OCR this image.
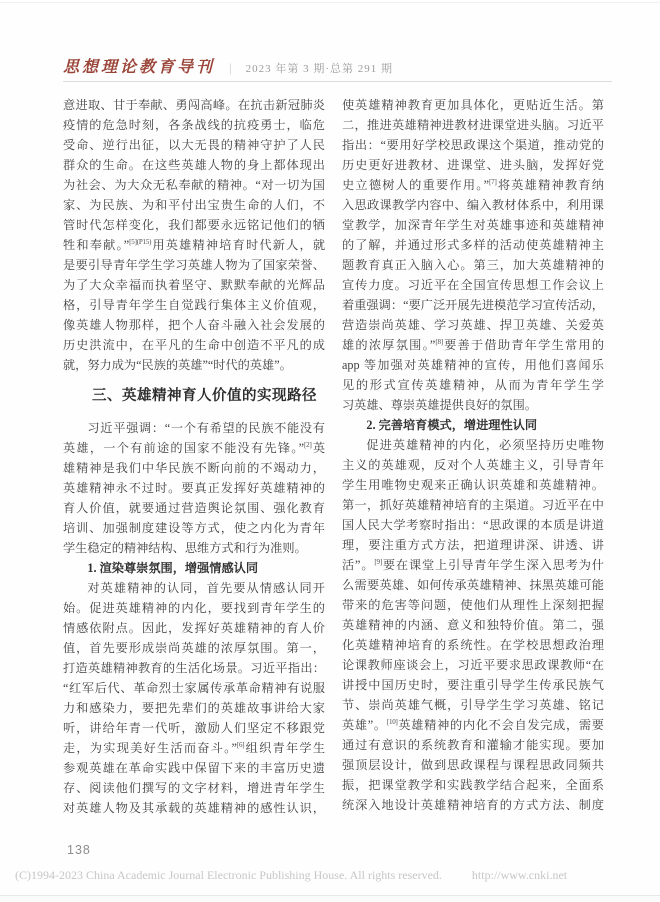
思想理论教育导刊 | 2023 年第 3 期·总第 291 期
意进取、甘于奉献、勇闯高峰。在抗击新冠肺炎
疫情的危急时刻，各条战线的抗疫勇士，临危
受命、逆行出征，以大无畏的精神守护了人民
群众的生命。在这些英雄人物的身上都体现出
为社会、为大众无私奉献的精神。“对一切为国
家、为民族、为和平付出宝贵生命的人们，不
管时代怎样变化，我们都要永远铭记他们的牺
牲和奉献。”$^{[5](P15)}$用英雄精神培育时代新人，就
是要引导青年学生学习英雄人物为了国家荣誉、
为了大众幸福而执着坚守、默默奉献的光辉品
格，引导青年学生自觉践行集体主义价值观，
像英雄人物那样，把个人奋斗融入社会发展的
历史洪流中，在平凡的生命中创造不平凡的成
就，努力成为“民族的英雄”“时代的英雄”。
三、英雄精神育人价值的实现路径
习近平强调：“一个有希望的民族不能没有
英雄，一个有前途的国家不能没有先锋。”[2]英
雄精神是我们中华民族不断向前的不竭动力，
英雄精神永不过时。要真正发挥好英雄精神的
育人价值，就要通过营造舆论氛围、强化教育
培训、加强制度建设等方式，使之内化为青年
学生稳定的精神结构、思维方式和行为准则。
1. 渲染尊崇氛围，增强情感认同
对英雄精神的认同，首先要从情感认同开
始。促进英雄精神的内化，要找到青年学生的
情感依附点。因此，发挥好英雄精神的育人价
值，首先要形成崇尚英雄的浓厚氛围。第一，
打造英雄精神教育的生活化场景。习近平指出：
“红军后代、革命烈士家属传承革命精神有说服
力和感染力，要把先辈们的英雄故事讲给大家
听，讲给年青一代听，激励人们坚定不移跟党
走，为实现美好生活而奋斗。”[6]组织青年学生
参观英雄在革命实践中保留下来的丰富历史遗
存、阅读他们撰写的文字材料，增进青年学生
对英雄人物及其承载的英雄精神的感性认识，
使英雄精神教育更加具体化，更贴近生活。第
二，推进英雄精神进教材进课堂进头脑。习近平
指出：“要用好学校思政课这个渠道，推动党的
历史更好进教材、进课堂、进头脑，发挥好党
史立德树人的重要作用。”[7]将英雄精神教育纳
入思政课教学内容中、编入教材体系中，利用课
堂教学，加深青年学生对英雄事迹和英雄精神
的了解，并通过形式多样的活动使英雄精神主
题教育真正入脑入心。第三，加大英雄精神的
宣传力度。习近平在全国宣传思想工作会议上
着重强调：“要广泛开展先进模范学习宣传活动，
营造崇尚英雄、学习英雄、捍卫英雄、关爱英
雄的浓厚氛围。”[8]要善于借助青年学生常用的
app 等加强对英雄精神的宣传，用他们喜闻乐
见的形式宣传英雄精神，从而为青年学生学
习英雄、尊崇英雄提供良好的氛围。
2. 完善培育模式，增进理性认同
促进英雄精神的内化，必须坚持历史唯物
主义的英雄观，反对个人英雄主义，引导青年
学生用唯物史观来正确认识英雄和英雄精神。
第一，抓好英雄精神培育的主渠道。习近平在中
国人民大学考察时指出：“思政课的本质是讲道
理，要注重方式方法，把道理讲深、讲透、讲
活”。[9]要在课堂上引导青年学生深入思考为什
么需要英雄、如何传承英雄精神、抹黑英雄可能
带来的危害等问题，使他们从理性上深刻把握
英雄精神的内涵、意义和独特价值。第二，强
化英雄精神培育的系统性。在学校思想政治理
论课教师座谈会上，习近平要求思政课教师“在
讲授中国历史时，要注重引导学生传承民族气
节、崇尚英雄气概，引导学生学习英雄、铭记
英雄”。[10]英雄精神的内化不会自发完成，需要
通过有意识的系统教育和灌输才能实现。要加
强顶层设计，做到思政课程与课程思政同频共
振，把课堂教学和实践教学结合起来，全面系
统深入地设计英雄精神培育的方式方法、制度
138
(C)1994-2023 China Academic Journal Electronic Publishing House. All rights reserved.	http://www.cnki.net
